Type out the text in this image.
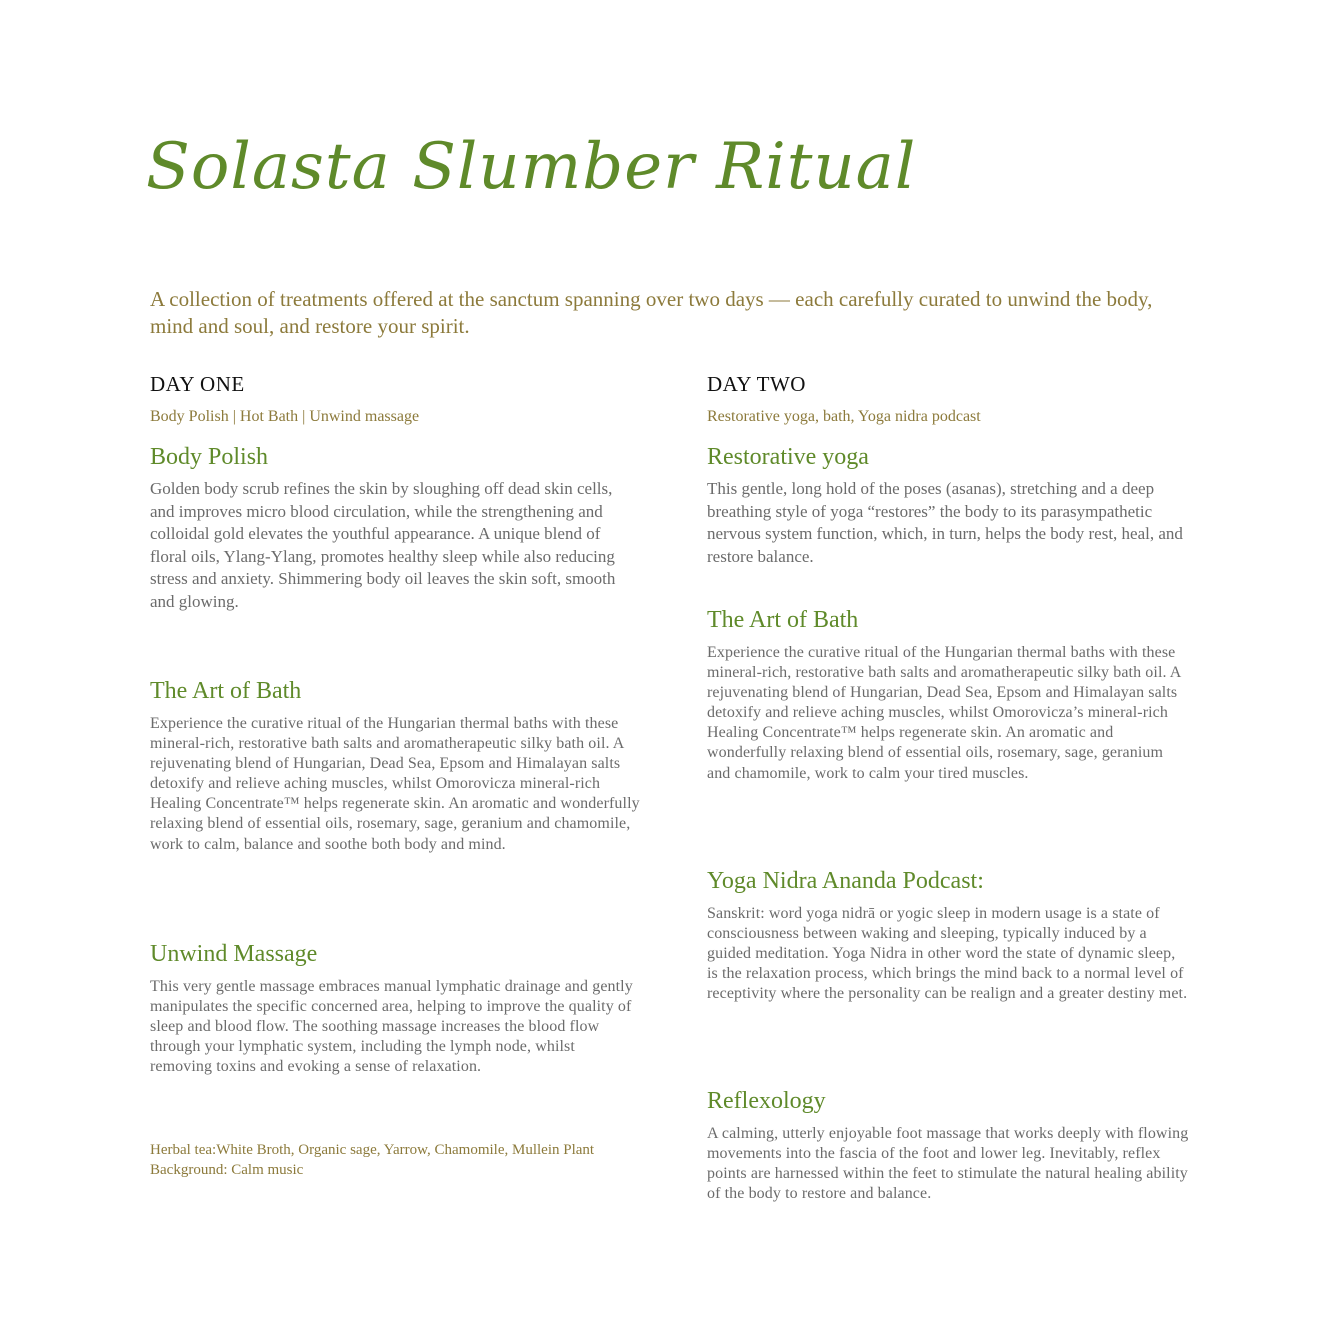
Solasta Slumber Ritual

A collection of treatments offered at the sanctum spanning over two days — each carefully curated to unwind the body, mind and soul, and restore your spirit.

DAY ONE

Body Polish | Hot Bath | Unwind massage

Body Polish

Golden body scrub refines the skin by sloughing off dead skin cells, and improves micro blood circulation, while the strengthening and colloidal gold elevates the youthful appearance. A unique blend of floral oils, Ylang-Ylang, promotes healthy sleep while also reducing stress and anxiety. Shimmering body oil leaves the skin soft, smooth and glowing.

The Art of Bath

Experience the curative ritual of the Hungarian thermal baths with these mineral-rich, restorative bath salts and aromatherapeutic silky bath oil. A rejuvenating blend of Hungarian, Dead Sea, Epsom and Himalayan salts detoxify and relieve aching muscles, whilst Omorovicza mineral-rich Healing Concentrate™ helps regenerate skin. An aromatic and wonderfully relaxing blend of essential oils, rosemary, sage, geranium and chamomile, work to calm, balance and soothe both body and mind.

Unwind Massage

This very gentle massage embraces manual lymphatic drainage and gently manipulates the specific concerned area, helping to improve the quality of sleep and blood flow. The soothing massage increases the blood flow through your lymphatic system, including the lymph node, whilst removing toxins and evoking a sense of relaxation.

Herbal tea:White Broth, Organic sage, Yarrow, Chamomile, Mullein Plant

Background: Calm music

DAY TWO

Restorative yoga, bath, Yoga nidra podcast

Restorative yoga

This gentle, long hold of the poses (asanas), stretching and a deep breathing style of yoga “restores” the body to its parasympathetic nervous system function, which, in turn, helps the body rest, heal, and restore balance.

The Art of Bath

Experience the curative ritual of the Hungarian thermal baths with these mineral-rich, restorative bath salts and aromatherapeutic silky bath oil. A rejuvenating blend of Hungarian, Dead Sea, Epsom and Himalayan salts detoxify and relieve aching muscles, whilst Omorovicza’s mineral-rich Healing Concentrate™ helps regenerate skin. An aromatic and wonderfully relaxing blend of essential oils, rosemary, sage, geranium and chamomile, work to calm your tired muscles.

Yoga Nidra Ananda Podcast:

Sanskrit: word yoga nidrā or yogic sleep in modern usage is a state of consciousness between waking and sleeping, typically induced by a guided meditation. Yoga Nidra in other word the state of dynamic sleep, is the relaxation process, which brings the mind back to a normal level of receptivity where the personality can be realign and a greater destiny met.

Reflexology

A calming, utterly enjoyable foot massage that works deeply with flowing movements into the fascia of the foot and lower leg. Inevitably, reflex points are harnessed within the feet to stimulate the natural healing ability of the body to restore and balance.
